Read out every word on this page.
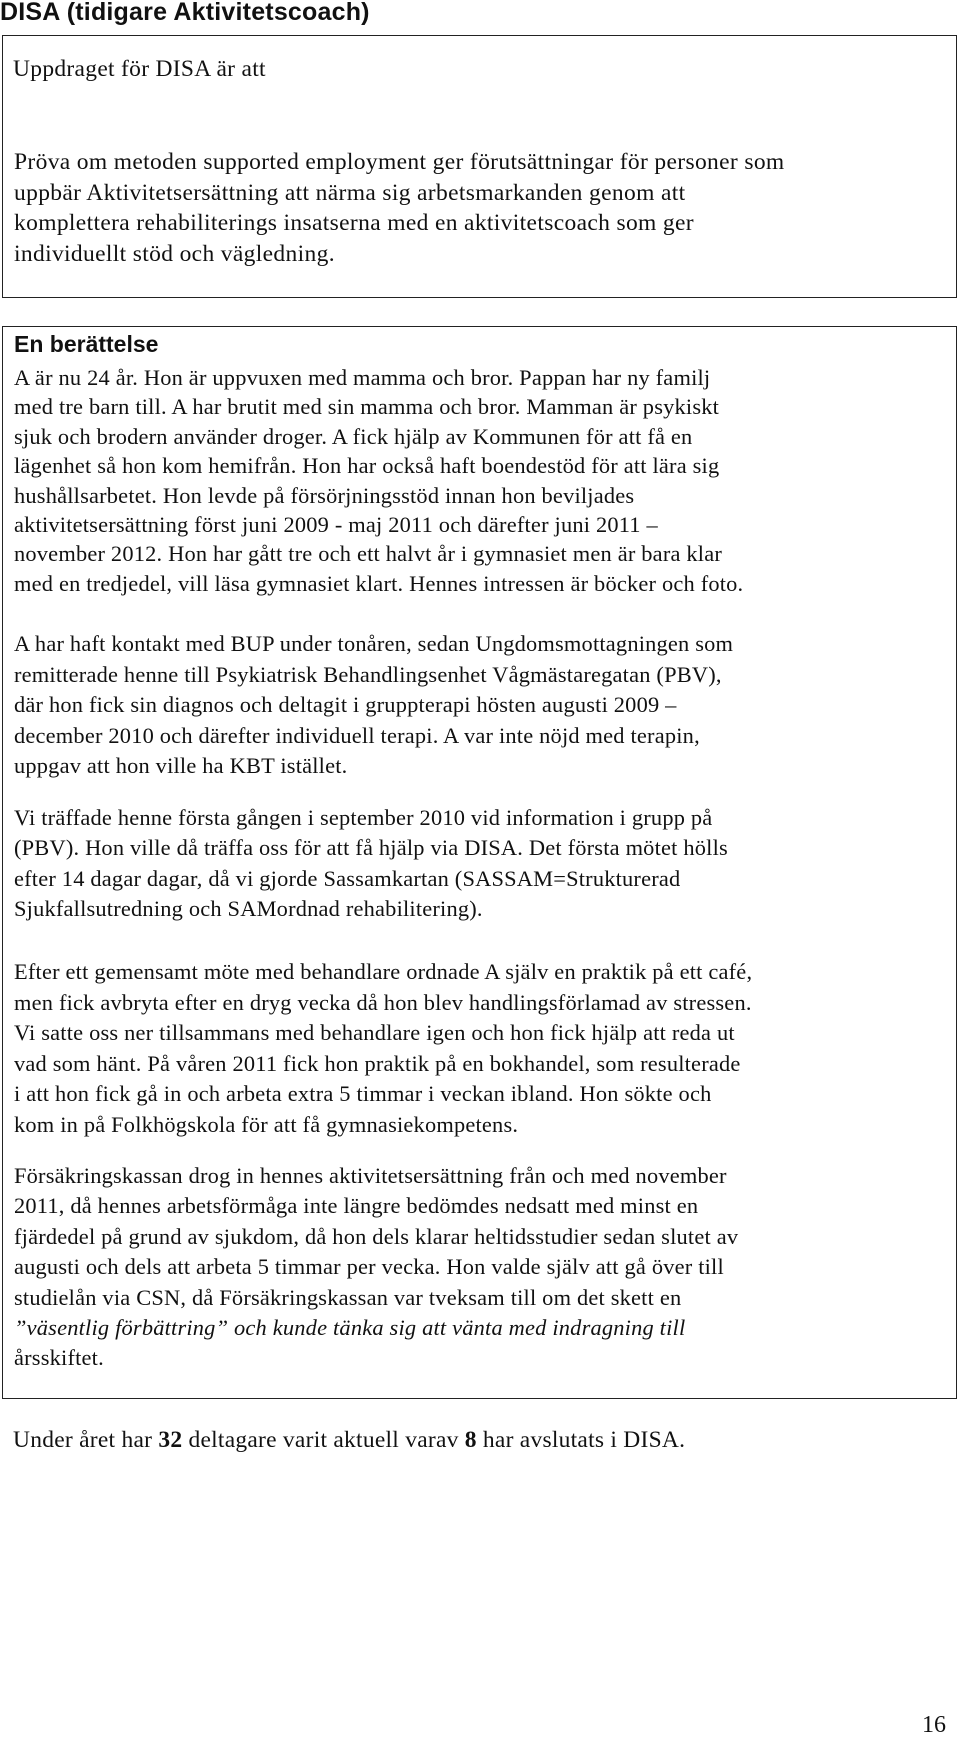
DISA (tidigare Aktivitetscoach)

Uppdraget för DISA är att

Pröva om metoden supported employment ger förutsättningar för personer som
uppbär Aktivitetsersättning att närma sig arbetsmarkanden genom att
komplettera rehabiliterings insatserna med en aktivitetscoach som ger
individuellt stöd och vägledning.

En berättelse

A är nu 24 år. Hon är uppvuxen med mamma och bror. Pappan har ny familj
med tre barn till. A har brutit med sin mamma och bror. Mamman är psykiskt
sjuk och brodern använder droger. A fick hjälp av Kommunen för att få en
lägenhet så hon kom hemifrån. Hon har också haft boendestöd för att lära sig
hushållsarbetet. Hon levde på försörjningsstöd innan hon beviljades
aktivitetsersättning först juni 2009 - maj 2011 och därefter juni 2011 –
november 2012. Hon har gått tre och ett halvt år i gymnasiet men är bara klar
med en tredjedel, vill läsa gymnasiet klart. Hennes intressen är böcker och foto.

A har haft kontakt med BUP under tonåren, sedan Ungdomsmottagningen som
remitterade henne till Psykiatrisk Behandlingsenhet Vågmästaregatan (PBV),
där hon fick sin diagnos och deltagit i gruppterapi hösten augusti 2009 –
december 2010 och därefter individuell terapi. A var inte nöjd med terapin,
uppgav att hon ville ha KBT istället.

Vi träffade henne första gången i september 2010 vid information i grupp på
(PBV). Hon ville då träffa oss för att få hjälp via DISA. Det första mötet hölls
efter 14 dagar dagar, då vi gjorde Sassamkartan (SASSAM=Strukturerad
Sjukfallsutredning och SAMordnad rehabilitering).

Efter ett gemensamt möte med behandlare ordnade A själv en praktik på ett café,
men fick avbryta efter en dryg vecka då hon blev handlingsförlamad av stressen.
Vi satte oss ner tillsammans med behandlare igen och hon fick hjälp att reda ut
vad som hänt. På våren 2011 fick hon praktik på en bokhandel, som resulterade
i att hon fick gå in och arbeta extra 5 timmar i veckan ibland. Hon sökte och
kom in på Folkhögskola för att få gymnasiekompetens.

Försäkringskassan drog in hennes aktivitetsersättning från och med november
2011, då hennes arbetsförmåga inte längre bedömdes nedsatt med minst en
fjärdedel på grund av sjukdom, då hon dels klarar heltidsstudier sedan slutet av
augusti och dels att arbeta 5 timmar per vecka. Hon valde själv att gå över till
studielån via CSN, då Försäkringskassan var tveksam till om det skett en
”väsentlig förbättring” och kunde tänka sig att vänta med indragning till
årsskiftet.

Under året har 32 deltagare varit aktuell varav 8 har avslutats i DISA.

16
